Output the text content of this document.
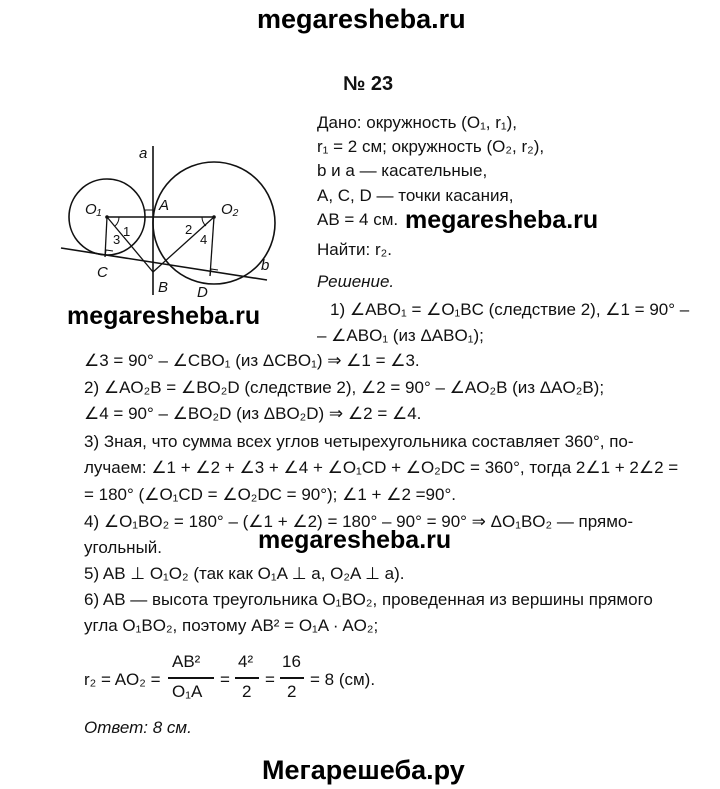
megaresheba.ru
megaresheba.ru
megaresheba.ru
megaresheba.ru
Мегарешеба.ру
№ 23
Дано: окружность (O₁, r₁),
r₁ = 2 см; окружность (O₂, r₂),
b и a — касательные,
A, C, D — точки касания,
AB = 4 см.
Найти: r₂.
Решение.
a
b
A
B
C
D
O₁	O₂
1	2
3	4
1) ∠ABO₁ = ∠O₁BC (следствие 2), ∠1 = 90° –
– ∠ABO₁ (из ΔABO₁);
∠3 = 90° – ∠CBO₁ (из ΔCBO₁) ⇒ ∠1 = ∠3.
2) ∠AO₂B = ∠BO₂D (следствие 2), ∠2 = 90° – ∠AO₂B (из ΔAO₂B);
∠4 = 90° – ∠BO₂D (из ΔBO₂D) ⇒ ∠2 = ∠4.
3) Зная, что сумма всех углов четырехугольника составляет 360°, по-
лучаем: ∠1 + ∠2 + ∠3 + ∠4 + ∠O₁CD + ∠O₂DC = 360°, тогда 2∠1 + 2∠2 =
= 180° (∠O₁CD = ∠O₂DC = 90°); ∠1 + ∠2 =90°.
4) ∠O₁BO₂ = 180° – (∠1 + ∠2) = 180° – 90° = 90° ⇒ ΔO₁BO₂ — прямо-
угольный.
5) AB ⊥ O₁O₂ (так как O₁A ⊥ a, O₂A ⊥ a).
6) AB — высота треугольника O₁BO₂, проведенная из вершины прямого
угла O₁BO₂, поэтому AB² = O₁A · AO₂;
r₂ = AO₂ =
AB²
O₁A
=
4²
2
=
16
2
= 8 (см).
Ответ: 8 см.
